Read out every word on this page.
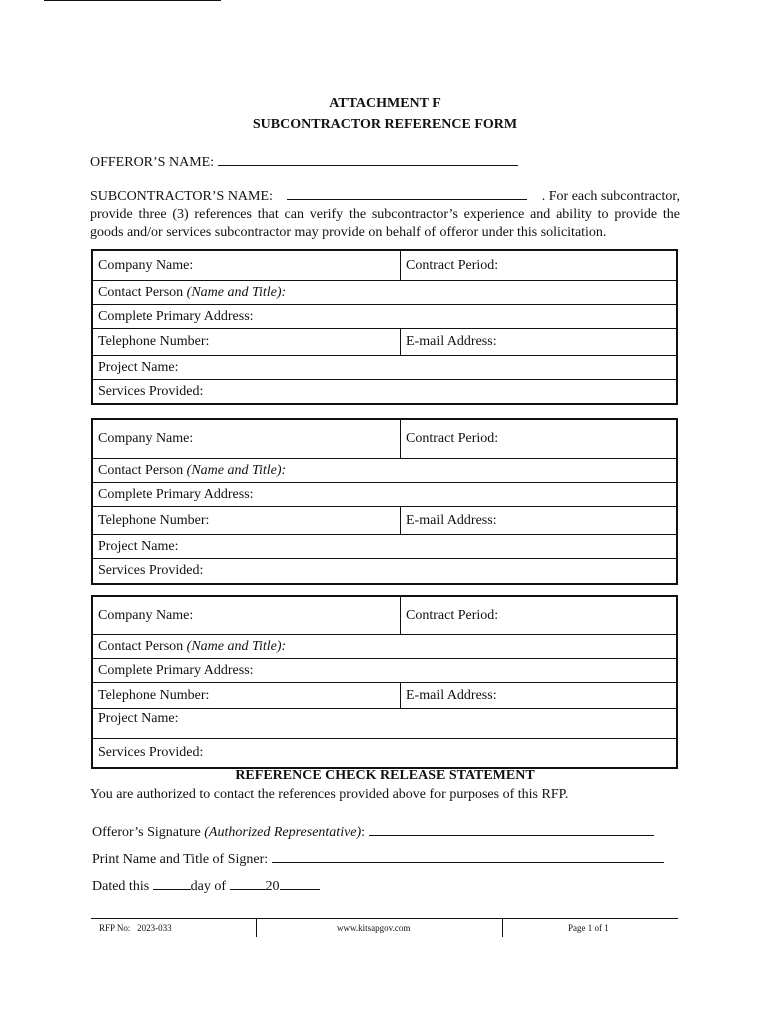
ATTACHMENT F
SUBCONTRACTOR REFERENCE FORM
OFFEROR’S NAME:
SUBCONTRACTOR’S NAME:	. For each subcontractor,
provide three (3) references that can verify the subcontractor’s experience and ability to provide the goods and/or services subcontractor may provide on behalf of offeror under this solicitation.
Company Name:	Contract Period:
Contact Person (Name and Title):
Complete Primary Address:
Telephone Number:	E-mail Address:
Project Name:
Services Provided:
Company Name:	Contract Period:
Contact Person (Name and Title):
Complete Primary Address:
Telephone Number:	E-mail Address:
Project Name:
Services Provided:
Company Name:	Contract Period:
Contact Person (Name and Title):
Complete Primary Address:
Telephone Number:	E-mail Address:
Project Name:
Services Provided:
REFERENCE CHECK RELEASE STATEMENT
You are authorized to contact the references provided above for purposes of this RFP.
Offeror’s Signature (Authorized Representative):
Print Name and Title of Signer:
Dated this	day of	20
RFP No:   2023-033	www.kitsapgov.com	Page 1 of 1
